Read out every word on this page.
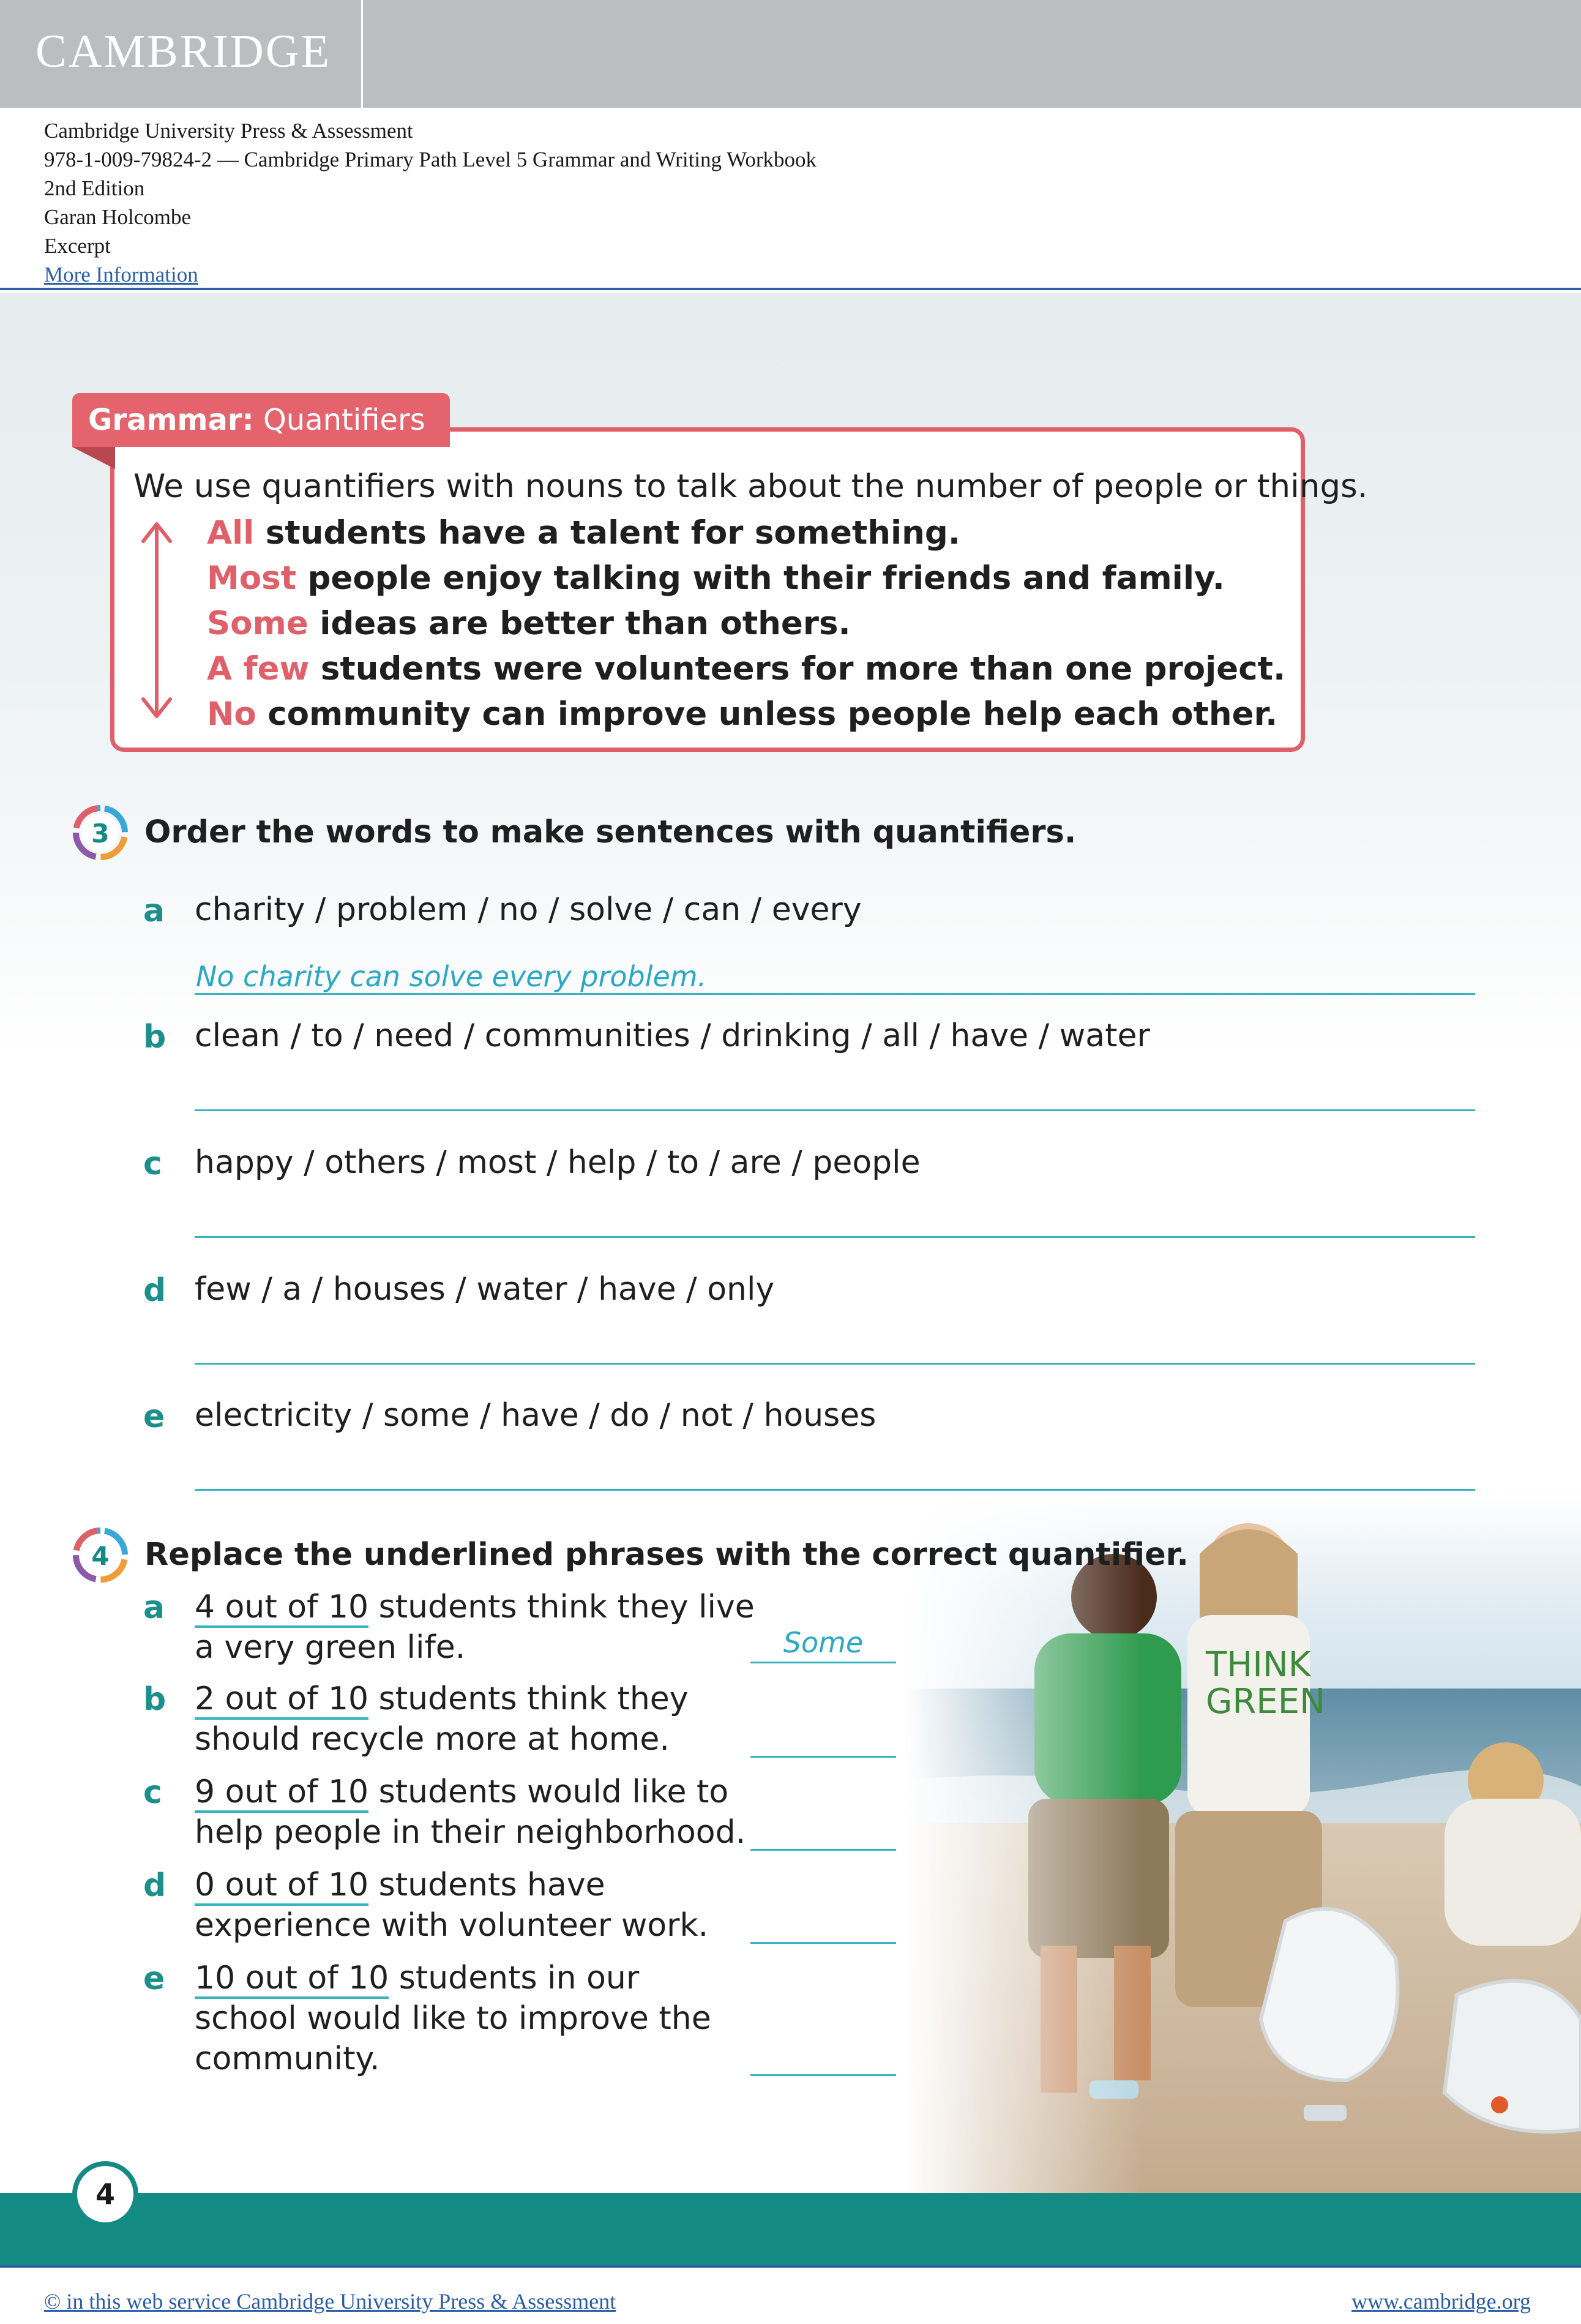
CAMBRIDGE
Cambridge University Press & Assessment
978-1-009-79824-2 — Cambridge Primary Path Level 5 Grammar and Writing Workbook
2nd Edition
Garan Holcombe
Excerpt
More Information
Grammar: Quantifiers
We use quantifiers with nouns to talk about the number of people or things.
All students have a talent for something.
Most people enjoy talking with their friends and family.
Some ideas are better than others.
A few students were volunteers for more than one project.
No community can improve unless people help each other.
3 Order the words to make sentences with quantifiers.
a charity / problem / no / solve / can / every
No charity can solve every problem.
b clean / to / need / communities / drinking / all / have / water
c happy / others / most / help / to / are / people
d few / a / houses / water / have / only
e electricity / some / have / do / not / houses
4 Replace the underlined phrases with the correct quantifier.
a 4 out of 10 students think they live
a very green life.	Some
b 2 out of 10 students think they
should recycle more at home.
c 9 out of 10 students would like to
help people in their neighborhood.
d 0 out of 10 students have
experience with volunteer work.
e 10 out of 10 students in our
school would like to improve the
community.
4
© in this web service Cambridge University Press & Assessment	www.cambridge.org
